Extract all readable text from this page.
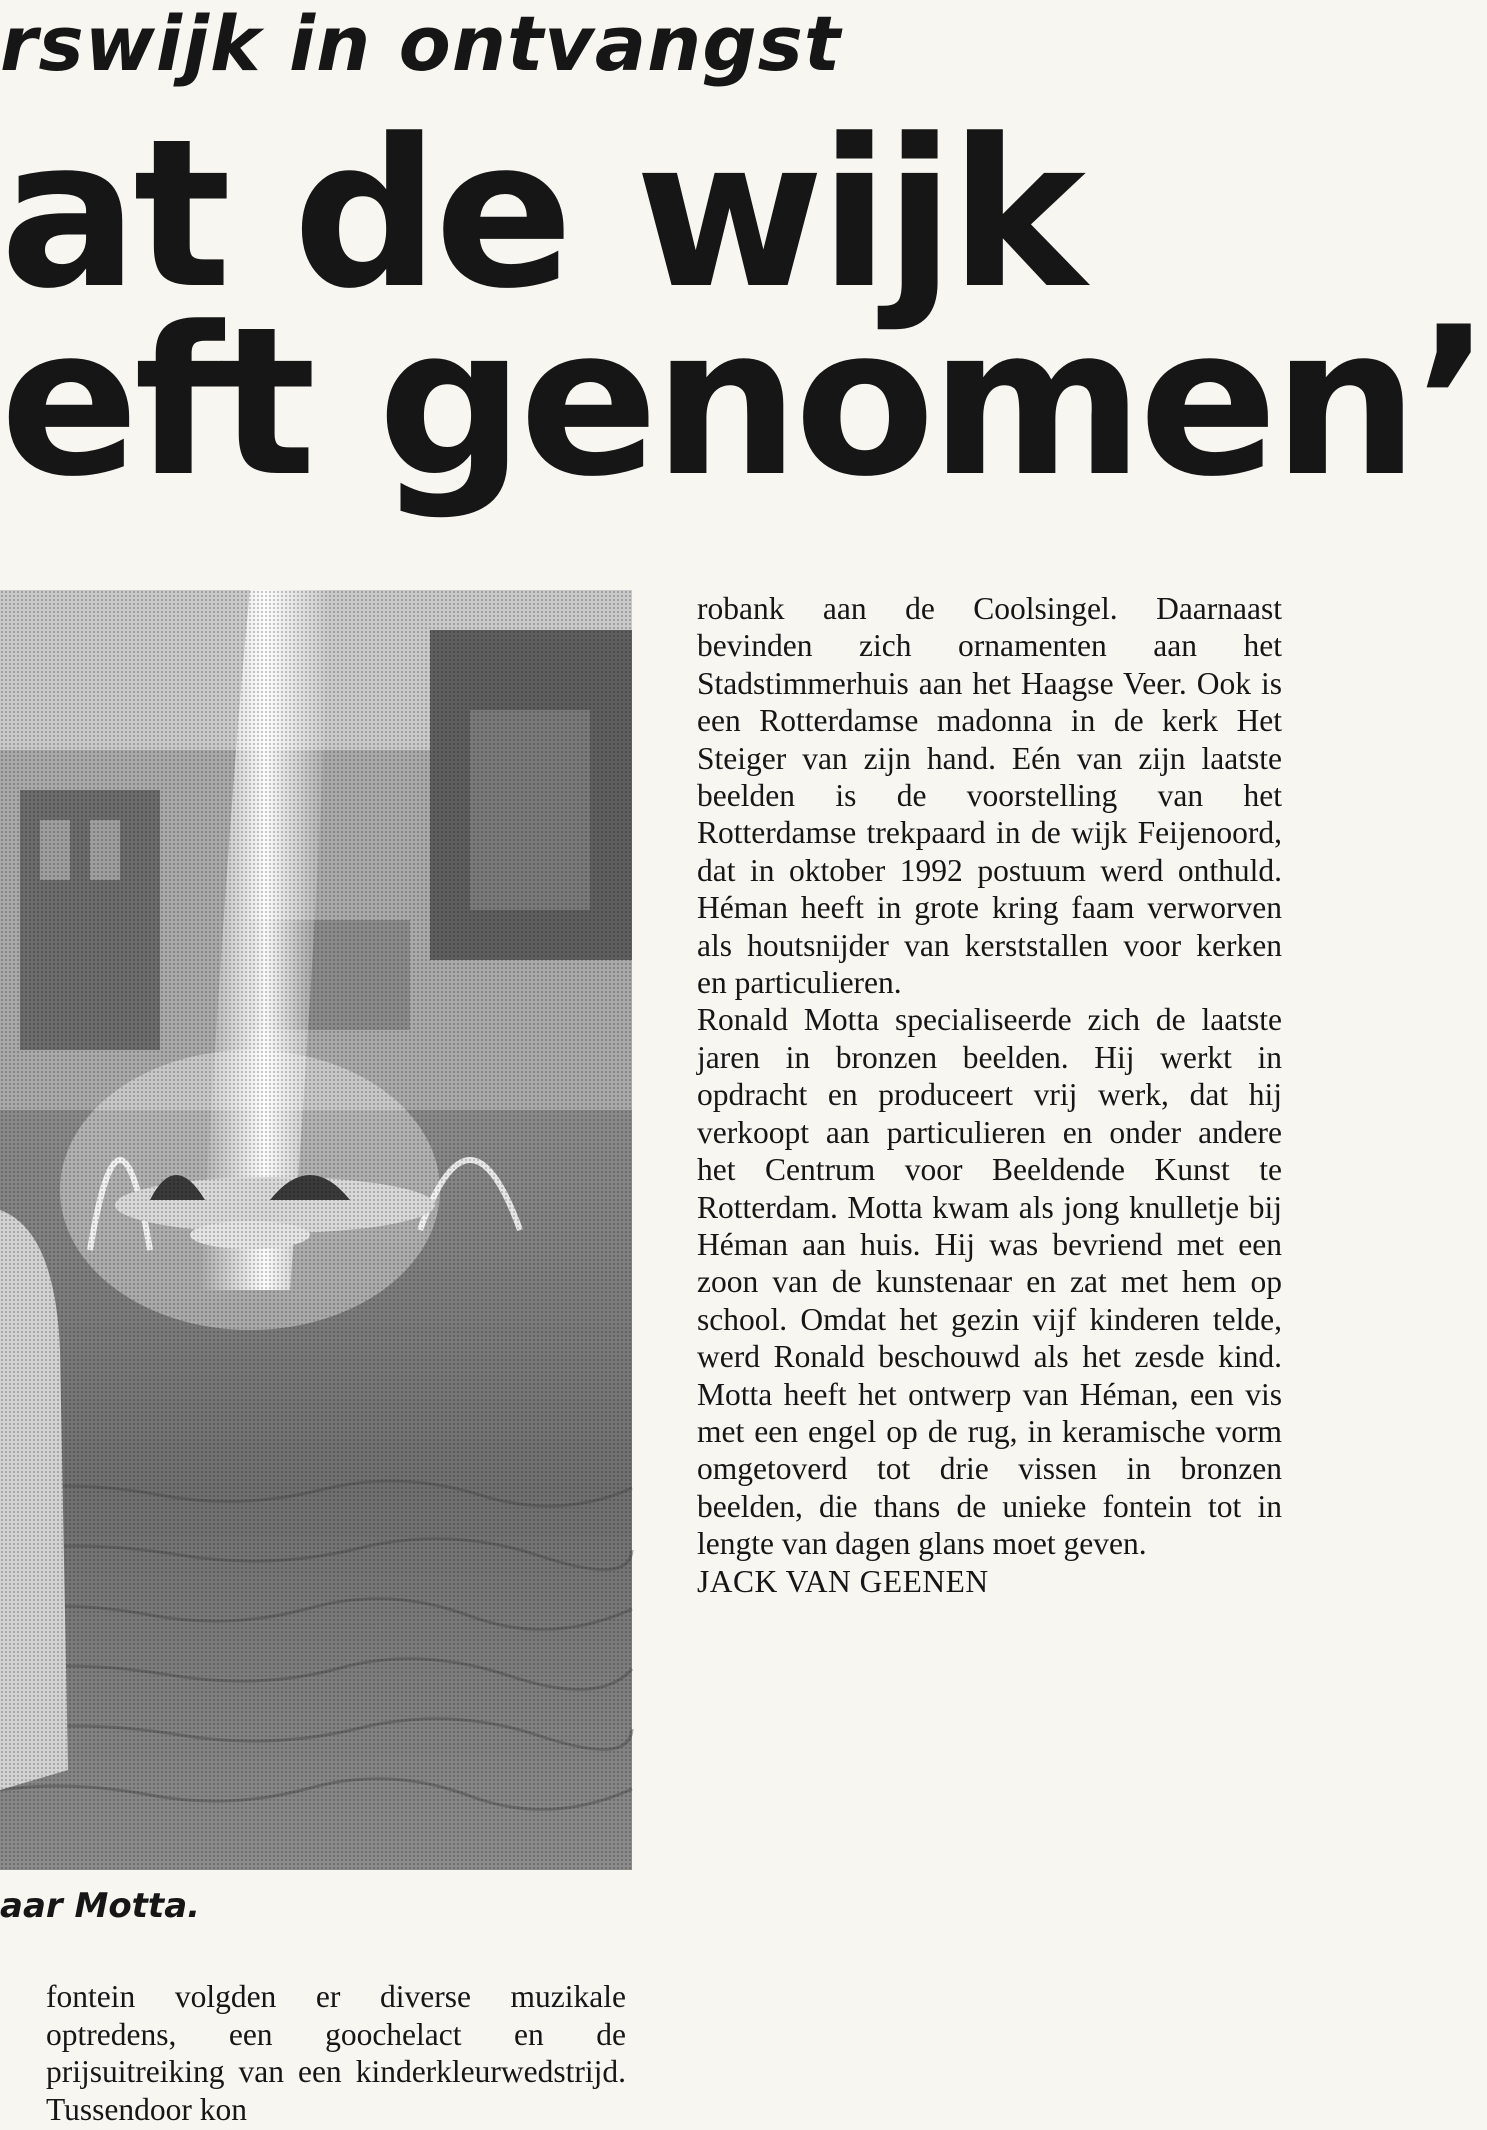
rswijk in ontvangst
at de wijk
eft genomen’
aar Motta.

fontein volgden er diverse muzikale optredens, een goochelact en de prijsuitreiking van een kinderkleurwedstrijd. Tussendoor kon

robank aan de Coolsingel. Daarnaast bevinden zich ornamenten aan het Stadstimmerhuis aan het Haagse Veer. Ook is een Rotterdamse madonna in de kerk Het Steiger van zijn hand. Eén van zijn laatste beelden is de voorstelling van het Rotterdamse trekpaard in de wijk Feijenoord, dat in oktober 1992 postuum werd onthuld. Héman heeft in grote kring faam verworven als houtsnijder van kerststallen voor kerken en particulieren.

Ronald Motta specialiseerde zich de laatste jaren in bronzen beelden. Hij werkt in opdracht en produceert vrij werk, dat hij verkoopt aan particulieren en onder andere het Centrum voor Beeldende Kunst te Rotterdam. Motta kwam als jong knulletje bij Héman aan huis. Hij was bevriend met een zoon van de kunstenaar en zat met hem op school. Omdat het gezin vijf kinderen telde, werd Ronald beschouwd als het zesde kind. Motta heeft het ontwerp van Héman, een vis met een engel op de rug, in keramische vorm omgetoverd tot drie vissen in bronzen beelden, die thans de unieke fontein tot in lengte van dagen glans moet geven.

JACK VAN GEENEN
